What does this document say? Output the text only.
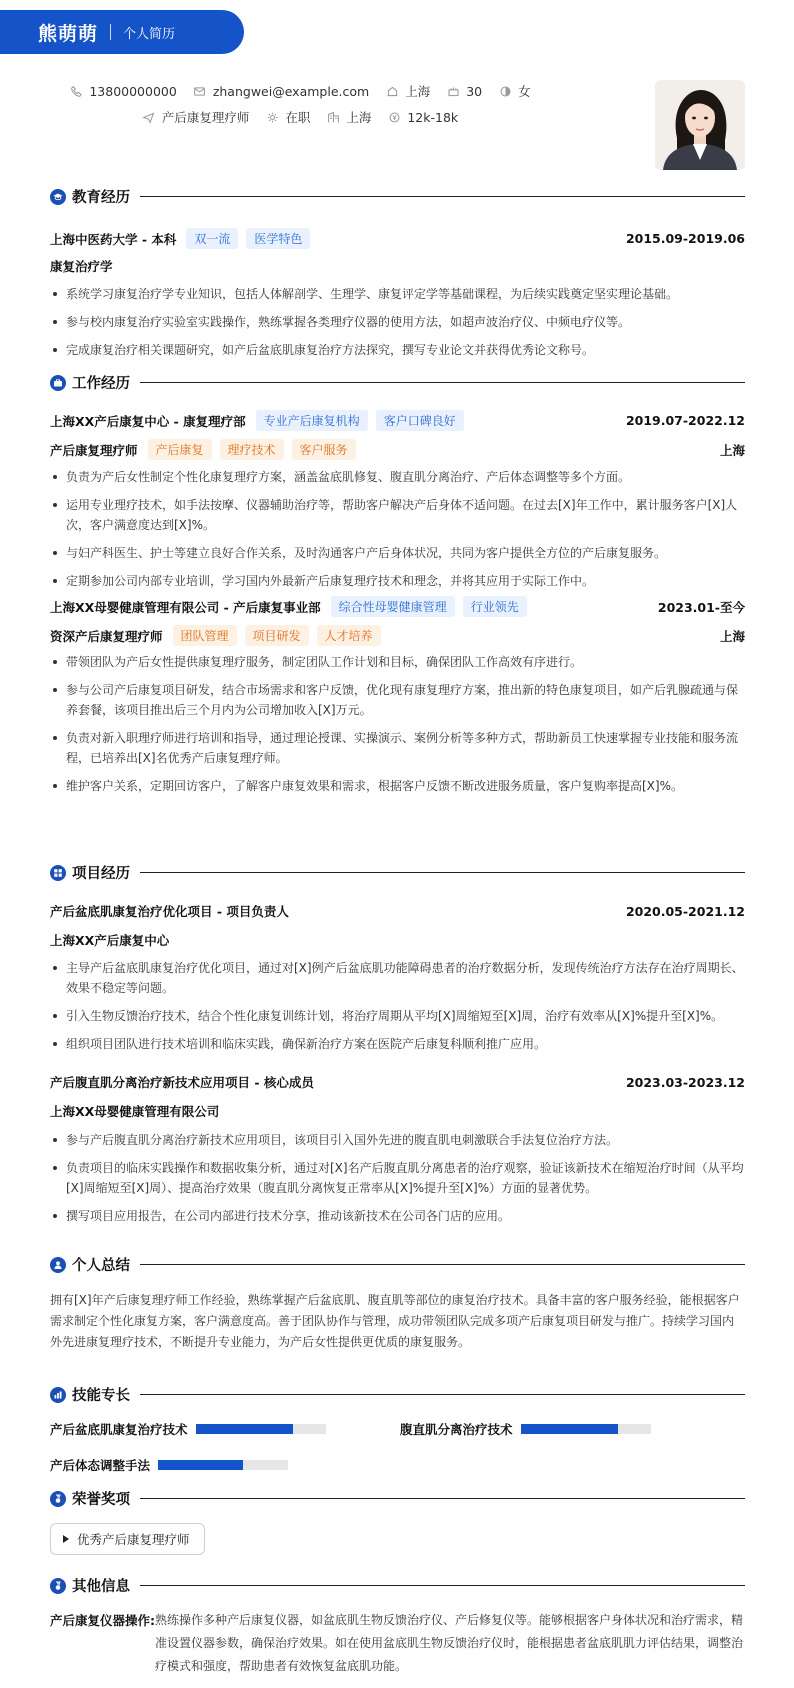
熊萌萌 个人简历
13800000000	zhangwei@example.com	上海	30	女
产后康复理疗师	在职	上海	12k-18k
教育经历
上海中医药大学 - 本科	双一流	医学特色	2015.09-2019.06
康复治疗学
系统学习康复治疗学专业知识，包括人体解剖学、生理学、康复评定学等基础课程，为后续实践奠定坚实理论基础。
参与校内康复治疗实验室实践操作，熟练掌握各类理疗仪器的使用方法，如超声波治疗仪、中频电疗仪等。
完成康复治疗相关课题研究，如产后盆底肌康复治疗方法探究，撰写专业论文并获得优秀论文称号。
工作经历
上海XX产后康复中心 - 康复理疗部	专业产后康复机构	客户口碑良好	2019.07-2022.12
产后康复理疗师	产后康复	理疗技术	客户服务	上海
负责为产后女性制定个性化康复理疗方案，涵盖盆底肌修复、腹直肌分离治疗、产后体态调整等多个方面。
运用专业理疗技术，如手法按摩、仪器辅助治疗等，帮助客户解决产后身体不适问题。在过去[X]年工作中，累计服务客户[X]人次，客户满意度达到[X]%。
与妇产科医生、护士等建立良好合作关系，及时沟通客户产后身体状况，共同为客户提供全方位的产后康复服务。
定期参加公司内部专业培训，学习国内外最新产后康复理疗技术和理念，并将其应用于实际工作中。
上海XX母婴健康管理有限公司 - 产后康复事业部	综合性母婴健康管理	行业领先	2023.01-至今
资深产后康复理疗师	团队管理	项目研发	人才培养	上海
带领团队为产后女性提供康复理疗服务，制定团队工作计划和目标，确保团队工作高效有序进行。
参与公司产后康复项目研发，结合市场需求和客户反馈，优化现有康复理疗方案，推出新的特色康复项目，如产后乳腺疏通与保养套餐，该项目推出后三个月内为公司增加收入[X]万元。
负责对新入职理疗师进行培训和指导，通过理论授课、实操演示、案例分析等多种方式，帮助新员工快速掌握专业技能和服务流程，已培养出[X]名优秀产后康复理疗师。
维护客户关系，定期回访客户，了解客户康复效果和需求，根据客户反馈不断改进服务质量，客户复购率提高[X]%。
项目经历
产后盆底肌康复治疗优化项目 - 项目负责人	2020.05-2021.12
上海XX产后康复中心
主导产后盆底肌康复治疗优化项目，通过对[X]例产后盆底肌功能障碍患者的治疗数据分析，发现传统治疗方法存在治疗周期长、效果不稳定等问题。
引入生物反馈治疗技术，结合个性化康复训练计划，将治疗周期从平均[X]周缩短至[X]周，治疗有效率从[X]%提升至[X]%。
组织项目团队进行技术培训和临床实践，确保新治疗方案在医院产后康复科顺利推广应用。
产后腹直肌分离治疗新技术应用项目 - 核心成员	2023.03-2023.12
上海XX母婴健康管理有限公司
参与产后腹直肌分离治疗新技术应用项目，该项目引入国外先进的腹直肌电刺激联合手法复位治疗方法。
负责项目的临床实践操作和数据收集分析，通过对[X]名产后腹直肌分离患者的治疗观察，验证该新技术在缩短治疗时间（从平均[X]周缩短至[X]周）、提高治疗效果（腹直肌分离恢复正常率从[X]%提升至[X]%）方面的显著优势。
撰写项目应用报告，在公司内部进行技术分享，推动该新技术在公司各门店的应用。
个人总结
拥有[X]年产后康复理疗师工作经验，熟练掌握产后盆底肌、腹直肌等部位的康复治疗技术。具备丰富的客户服务经验，能根据客户需求制定个性化康复方案，客户满意度高。善于团队协作与管理，成功带领团队完成多项产后康复项目研发与推广。持续学习国内外先进康复理疗技术，不断提升专业能力，为产后女性提供更优质的康复服务。
技能专长
产后盆底肌康复治疗技术	腹直肌分离治疗技术
产后体态调整手法
荣誉奖项
优秀产后康复理疗师
其他信息
产后康复仪器操作: 熟练操作多种产后康复仪器，如盆底肌生物反馈治疗仪、产后修复仪等。能够根据客户身体状况和治疗需求，精准设置仪器参数，确保治疗效果。如在使用盆底肌生物反馈治疗仪时，能根据患者盆底肌肌力评估结果，调整治疗模式和强度，帮助患者有效恢复盆底肌功能。
